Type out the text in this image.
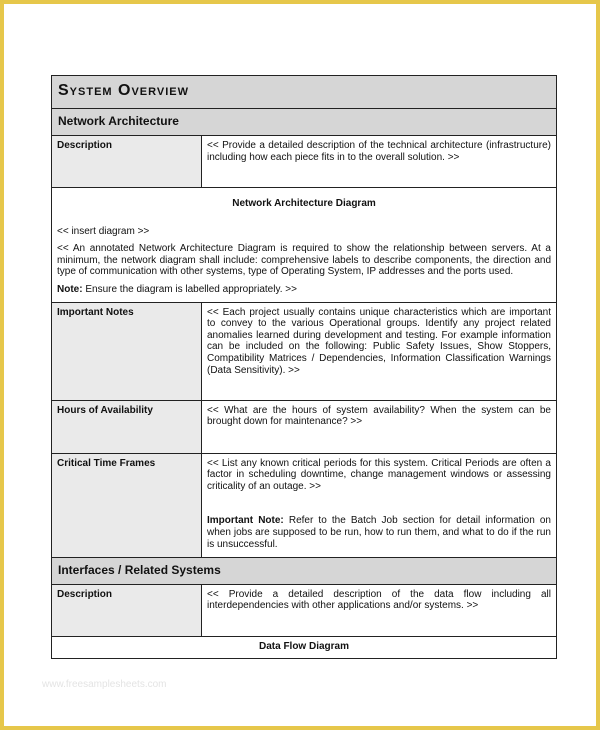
System Overview	
Network Architecture	
Description	<< Provide a detailed description of the technical architecture (infrastructure) including how each piece fits in to the overall solution. >>

Network Architecture Diagram

<< insert diagram >>

<< An annotated Network Architecture Diagram is required to show the relationship between servers. At a minimum, the network diagram shall include: comprehensive labels to describe components, the direction and type of communication with other systems, type of Operating System, IP addresses and the ports used.

Note: Ensure the diagram is labelled appropriately. >>	

Important Notes	<< Each project usually contains unique characteristics which are important to convey to the various Operational groups. Identify any project related anomalies learned during development and testing. For example information can be included on the following: Public Safety Issues, Show Stoppers, Compatibility Matrices / Dependencies, Information Classification Warnings (Data Sensitivity). >>
Hours of Availability	<< What are the hours of system availability? When the system can be brought down for maintenance? >>
Critical Time Frames	<< List any known critical periods for this system. Critical Periods are often a factor in scheduling downtime, change management windows or assessing criticality of an outage. >>

Important Note: Refer to the Batch Job section for detail information on when jobs are supposed to be run, how to run them, and what to do if the run is unsuccessful.

Interfaces / Related Systems	
Description	<< Provide a detailed description of the data flow including all interdependencies with other applications and/or systems. >>

Data Flow Diagram	
www.freesamplesheets.com
